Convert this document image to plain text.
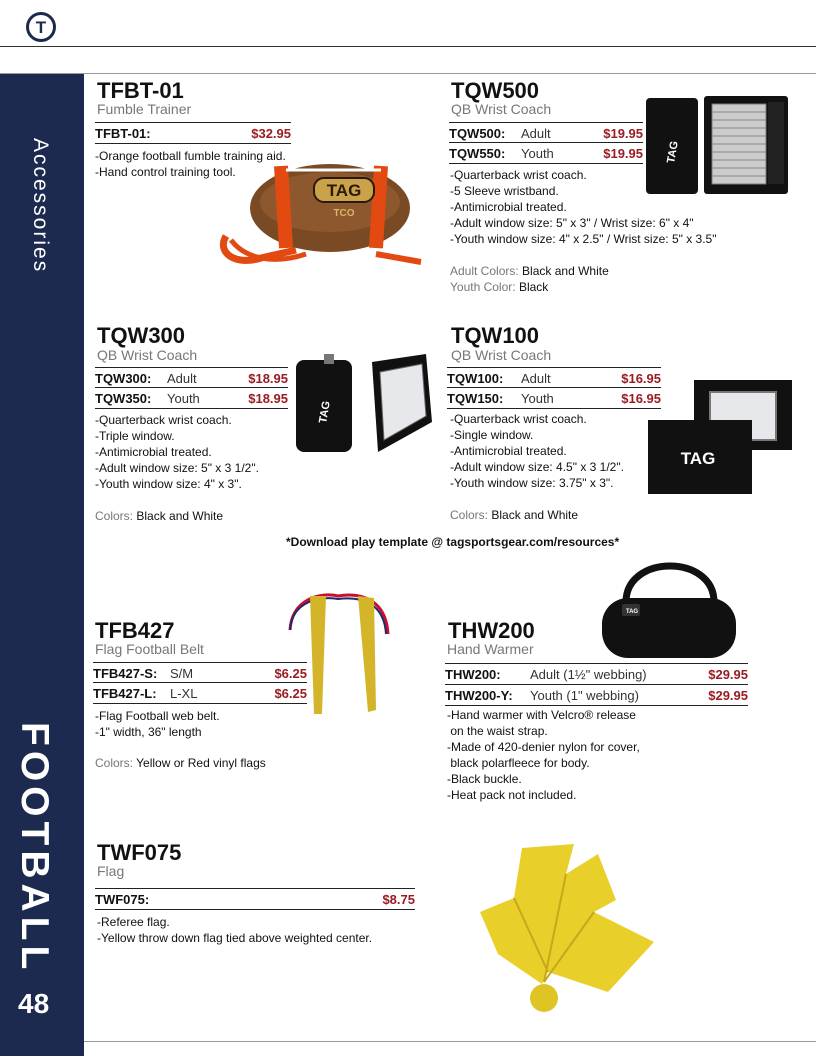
T
Accessories
FOOTBALL
48
TFBT-01
Fumble Trainer
TFBT-01:	$32.95
-Orange football fumble training aid.
-Hand control training tool.
TAG
TCO
TQW500
QB Wrist Coach
TQW500: Adult	$19.95
TQW550: Youth	$19.95
-Quarterback wrist coach.
-5 Sleeve wristband.
-Antimicrobial treated.
-Adult window size: 5" x 3" / Wrist size: 6" x 4"
-Youth window size: 4" x 2.5" / Wrist size: 5" x 3.5"
Adult Colors: Black and White
Youth Color: Black
TAG
TQW300
QB Wrist Coach
TQW300: Adult	$18.95
TQW350: Youth	$18.95
-Quarterback wrist coach.
-Triple window.
-Antimicrobial treated.
-Adult window size: 5" x 3 1/2".
-Youth window size: 4" x 3".
Colors: Black and White
TAG
TQW100
QB Wrist Coach
TQW100: Adult	$16.95
TQW150: Youth	$16.95
-Quarterback wrist coach.
-Single window.
-Antimicrobial treated.
-Adult window size: 4.5" x 3 1/2".
-Youth window size: 3.75" x 3".
Colors: Black and White
TAG
*Download play template @ tagsportsgear.com/resources*
TFB427
Flag Football Belt
TFB427-S: S/M	$6.25
TFB427-L: L-XL	$6.25
-Flag Football web belt.
-1" width, 36" length
Colors: Yellow or Red vinyl flags
THW200
Hand Warmer
THW200: Adult (1½" webbing)	$29.95
THW200-Y: Youth (1" webbing)	$29.95
-Hand warmer with Velcro® release
on the waist strap.
-Made of 420-denier nylon for cover,
black polarfleece for body.
-Black buckle.
-Heat pack not included.
TAG
TWF075
Flag
TWF075:	$8.75
-Referee flag.
-Yellow throw down flag tied above weighted center.
